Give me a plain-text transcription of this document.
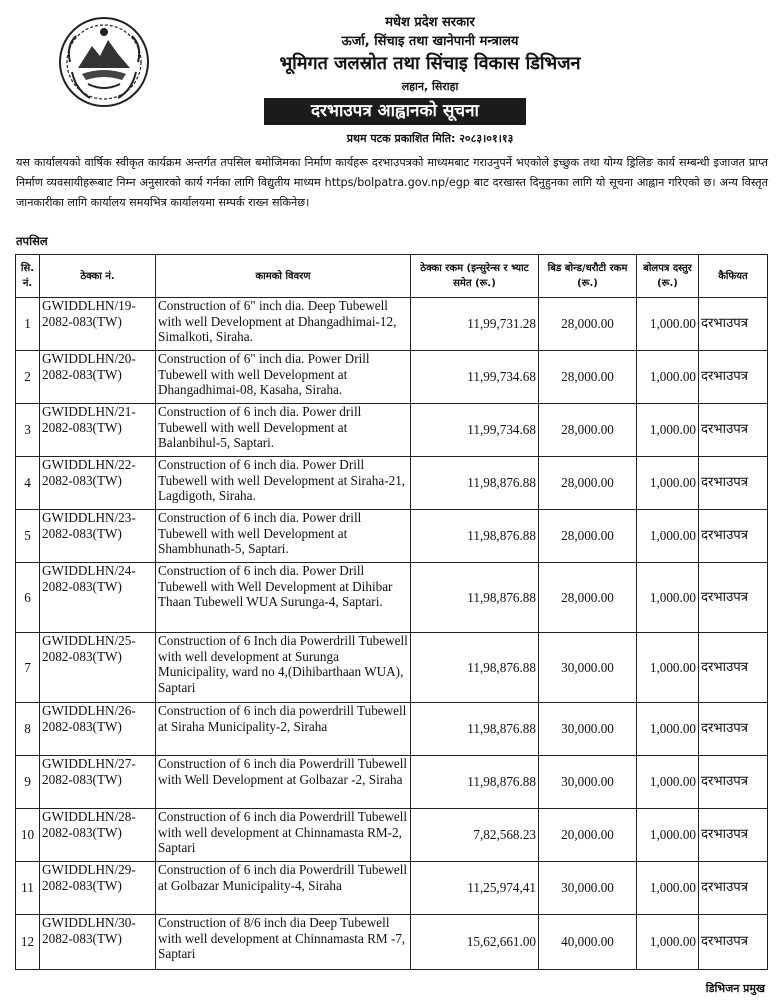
मधेश प्रदेश सरकार
ऊर्जा, सिंचाइ तथा खानेपानी मन्त्रालय
भूमिगत जलस्रोत तथा सिंचाइ विकास डिभिजन
लहान, सिराहा
दरभाउपत्र आह्वानको सूचना
प्रथम पटक प्रकाशित मिति: २०८३।०१।१३
यस कार्यालयको वार्षिक स्वीकृत कार्यक्रम अन्तर्गत तपसिल बमोजिमका निर्माण कार्यहरू दरभाउपत्रको माध्यमबाट गराउनुपर्ने भएकोले इच्छुक तथा योग्य ड्रिलिङ कार्य सम्बन्धी इजाजत प्राप्त निर्माण व्यवसायीहरूबाट निम्न अनुसारको कार्य गर्नका लागि विद्युतीय माध्यम https/bolpatra.gov.np/egp बाट दरखास्त दिनुहुनका लागि यो सूचना आह्वान गरिएको छ। अन्य विस्तृत जानकारीका लागि कार्यालय समयभित्र कार्यालयमा सम्पर्क राख्न सकिनेछ।
तपसिल
सि. नं.	ठेक्का नं.	कामको विवरण	ठेक्का रकम (इन्सुरेन्स र भ्याट समेत (रू.)	बिड बोन्ड/धरौटी रकम (रू.)	बोलपत्र दस्तुर (रू.)	कैफियत
1	GWIDDLHN/19-2082-083(TW)	Construction of 6" inch dia. Deep Tubewell with well Development at Dhangadhimai-12, Simalkoti, Siraha.	11,99,731.28	28,000.00	1,000.00	दरभाउपत्र
2	GWIDDLHN/20-2082-083(TW)	Construction of 6" inch dia. Power Drill Tubewell with well Development at Dhangadhimai-08, Kasaha, Siraha.	11,99,734.68	28,000.00	1,000.00	दरभाउपत्र
3	GWIDDLHN/21-2082-083(TW)	Construction of 6 inch dia. Power drill Tubewell with well Development at Balanbihul-5, Saptari.	11,99,734.68	28,000.00	1,000.00	दरभाउपत्र
4	GWIDDLHN/22-2082-083(TW)	Construction of 6 inch dia. Power Drill Tubewell with well Development at Siraha-21, Lagdigoth, Siraha.	11,98,876.88	28,000.00	1,000.00	दरभाउपत्र
5	GWIDDLHN/23-2082-083(TW)	Construction of 6 inch dia. Power drill Tubewell with well Development at Shambhunath-5, Saptari.	11,98,876.88	28,000.00	1,000.00	दरभाउपत्र
6	GWIDDLHN/24-2082-083(TW)	Construction of 6 inch dia. Power Drill Tubewell with Well Development at Dihibar Thaan Tubewell WUA Surunga-4, Saptari.	11,98,876.88	28,000.00	1,000.00	दरभाउपत्र
7	GWIDDLHN/25-2082-083(TW)	Construction of 6 Inch dia Powerdrill Tubewell with well development at Surunga Municipality, ward no 4,(Dihibarthaan WUA), Saptari	11,98,876.88	30,000.00	1,000.00	दरभाउपत्र
8	GWIDDLHN/26-2082-083(TW)	Construction of 6 inch dia powerdrill Tubewell at Siraha Municipality-2, Siraha	11,98,876.88	30,000.00	1,000.00	दरभाउपत्र
9	GWIDDLHN/27-2082-083(TW)	Construction of 6 inch dia Powerdrill Tubewell with Well Development at Golbazar -2, Siraha	11,98,876.88	30,000.00	1,000.00	दरभाउपत्र
10	GWIDDLHN/28-2082-083(TW)	Construction of 6 inch dia Powerdrill Tubewell with well development at Chinnamasta RM-2, Saptari	7,82,568.23	20,000.00	1,000.00	दरभाउपत्र
11	GWIDDLHN/29-2082-083(TW)	Construction of 6 inch dia Powerdrill Tubewell at Golbazar Municipality-4, Siraha	11,25,974,41	30,000.00	1,000.00	दरभाउपत्र
12	GWIDDLHN/30-2082-083(TW)	Construction of 8/6 inch dia Deep Tubewell with well development at Chinnamasta RM -7, Saptari	15,62,661.00	40,000.00	1,000.00	दरभाउपत्र
डिभिजन प्रमुख
